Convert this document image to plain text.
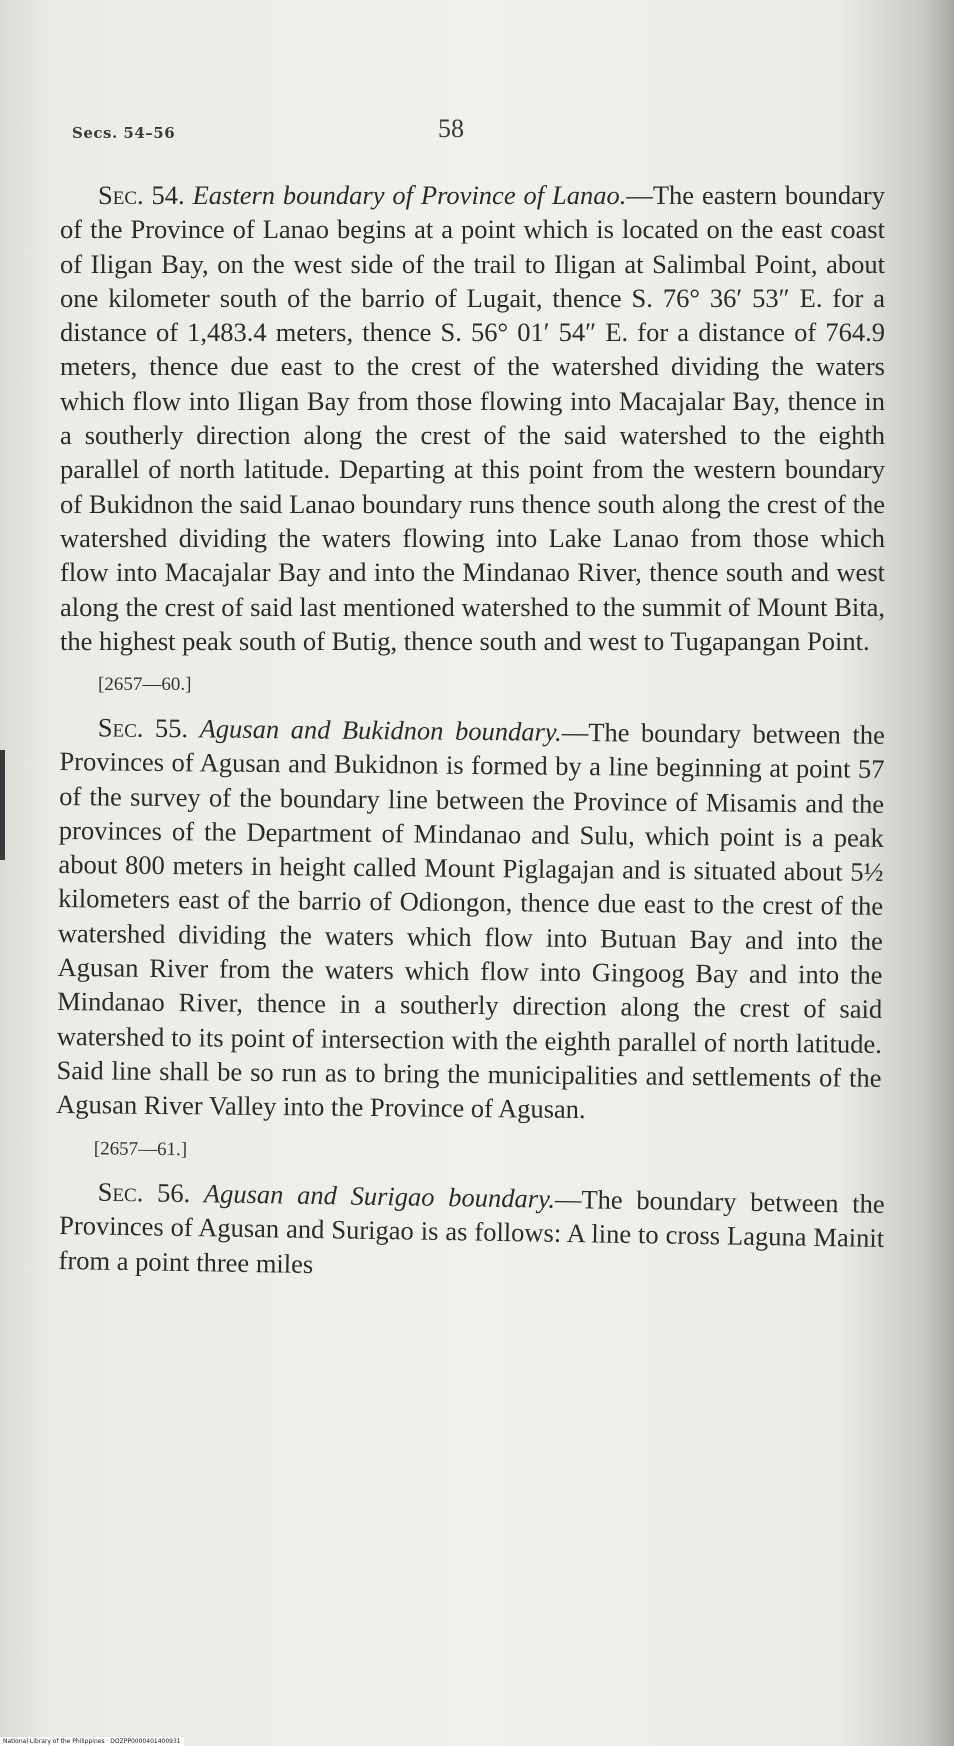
Secs. 54–56	58

Sec. 54. Eastern boundary of Province of Lanao.—The eastern boundary of the Province of Lanao begins at a point which is located on the east coast of Iligan Bay, on the west side of the trail to Iligan at Salimbal Point, about one kilometer south of the barrio of Lugait, thence S. 76° 36′ 53″ E. for a distance of 1,483.4 meters, thence S. 56° 01′ 54″ E. for a distance of 764.9 meters, thence due east to the crest of the watershed dividing the waters which flow into Iligan Bay from those flowing into Macajalar Bay, thence in a southerly direction along the crest of the said watershed to the eighth parallel of north latitude. Departing at this point from the western boundary of Bukidnon the said Lanao boundary runs thence south along the crest of the watershed dividing the waters flowing into Lake Lanao from those which flow into Macajalar Bay and into the Mindanao River, thence south and west along the crest of said last mentioned watershed to the summit of Mount Bita, the highest peak south of Butig, thence south and west to Tugapangan Point.

[2657—60.]

Sec. 55. Agusan and Bukidnon boundary.—The boundary between the Provinces of Agusan and Bukidnon is formed by a line beginning at point 57 of the survey of the boundary line between the Province of Misamis and the provinces of the Department of Mindanao and Sulu, which point is a peak about 800 meters in height called Mount Piglagajan and is situated about 5½ kilometers east of the barrio of Odiongon, thence due east to the crest of the watershed dividing the waters which flow into Butuan Bay and into the Agusan River from the waters which flow into Gingoog Bay and into the Mindanao River, thence in a southerly direction along the crest of said watershed to its point of intersection with the eighth parallel of north latitude. Said line shall be so run as to bring the municipalities and settlements of the Agusan River Valley into the Province of Agusan.

[2657—61.]

Sec. 56. Agusan and Surigao boundary.—The boundary between the Provinces of Agusan and Surigao is as follows: A line to cross Laguna Mainit from a point three miles

National Library of the Philippines · DOZPP0000401400931
